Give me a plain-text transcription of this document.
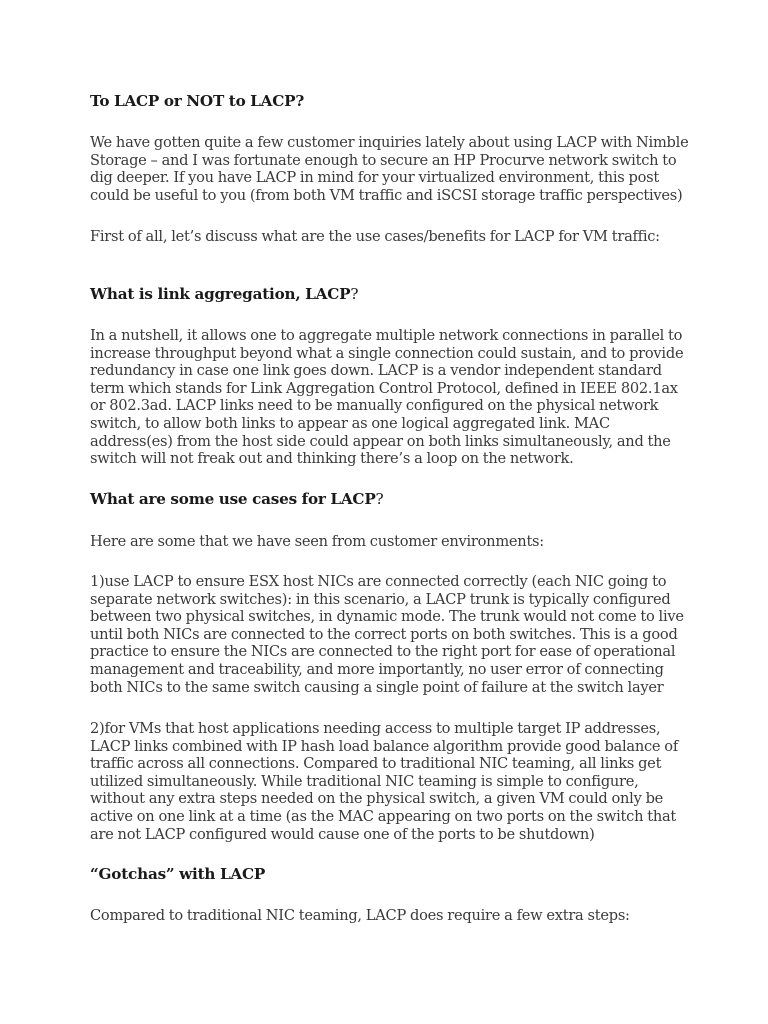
To LACP or NOT to LACP?

We have gotten quite a few customer inquiries lately about using LACP with Nimble Storage – and I was fortunate enough to secure an HP Procurve network switch to dig deeper. If you have LACP in mind for your virtualized environment, this post could be useful to you (from both VM traffic and iSCSI storage traffic perspectives)

First of all, let’s discuss what are the use cases/benefits for LACP for VM traffic:

What is link aggregation, LACP?

In a nutshell, it allows one to aggregate multiple network connections in parallel to increase throughput beyond what a single connection could sustain, and to provide redundancy in case one link goes down. LACP is a vendor independent standard term which stands for Link Aggregation Control Protocol, defined in IEEE 802.1ax or 802.3ad. LACP links need to be manually configured on the physical network switch, to allow both links to appear as one logical aggregated link. MAC address(es) from the host side could appear on both links simultaneously, and the switch will not freak out and thinking there’s a loop on the network.

What are some use cases for LACP?

Here are some that we have seen from customer environments:

1)use LACP to ensure ESX host NICs are connected correctly (each NIC going to separate network switches): in this scenario, a LACP trunk is typically configured between two physical switches, in dynamic mode. The trunk would not come to live until both NICs are connected to the correct ports on both switches. This is a good practice to ensure the NICs are connected to the right port for ease of operational management and traceability, and more importantly, no user error of connecting both NICs to the same switch causing a single point of failure at the switch layer

2)for VMs that host applications needing access to multiple target IP addresses, LACP links combined with IP hash load balance algorithm provide good balance of traffic across all connections. Compared to traditional NIC teaming, all links get utilized simultaneously. While traditional NIC teaming is simple to configure, without any extra steps needed on the physical switch, a given VM could only be active on one link at a time (as the MAC appearing on two ports on the switch that are not LACP configured would cause one of the ports to be shutdown)

“Gotchas” with LACP

Compared to traditional NIC teaming, LACP does require a few extra steps:
